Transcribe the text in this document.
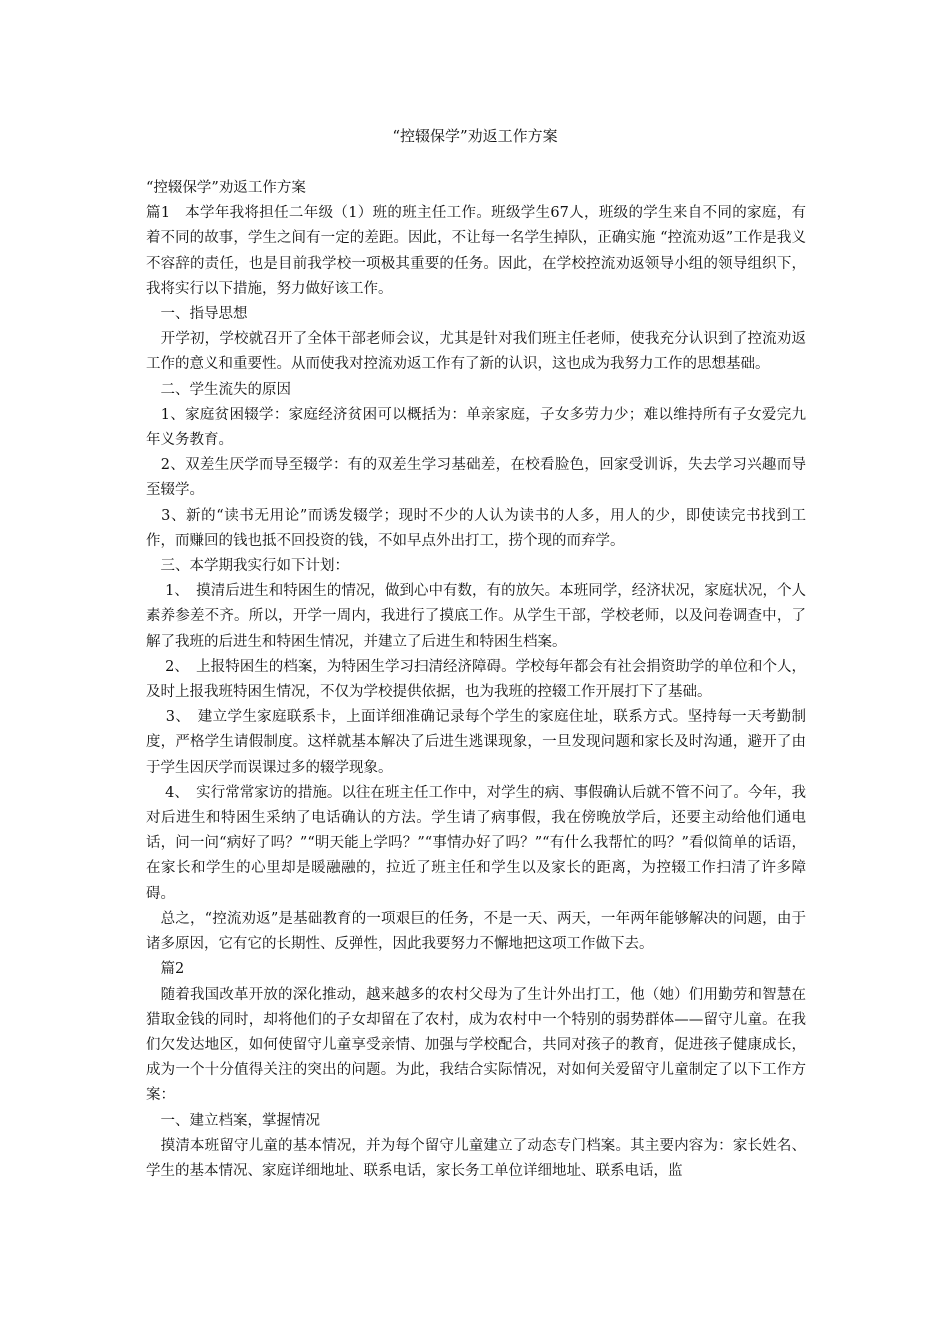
“控辍保学”劝返工作方案

“控辍保学”劝返工作方案

篇1　本学年我将担任二年级（1）班的班主任工作。班级学生67人，班级的学生来自不同的家庭，有着不同的故事，学生之间有一定的差距。因此，不让每一名学生掉队，正确实施 “控流劝返”工作是我义不容辞的责任，也是目前我学校一项极其重要的任务。因此，在学校控流劝返领导小组的领导组织下，我将实行以下措施，努力做好该工作。

　一、指导思想

　开学初，学校就召开了全体干部老师会议，尤其是针对我们班主任老师，使我充分认识到了控流劝返工作的意义和重要性。从而使我对控流劝返工作有了新的认识，这也成为我努力工作的思想基础。

　二、学生流失的原因

　1、家庭贫困辍学：家庭经济贫困可以概括为：单亲家庭，子女多劳力少；难以维持所有子女爱完九年义务教育。

　2、双差生厌学而导至辍学：有的双差生学习基础差，在校看脸色，回家受训诉，失去学习兴趣而导至辍学。

　3、新的“读书无用论”而诱发辍学；现时不少的人认为读书的人多，用人的少，即使读完书找到工作，而赚回的钱也抵不回投资的钱，不如早点外出打工，捞个现的而弃学。

　三、本学期我实行如下计划：

　 1、　摸清后进生和特困生的情况，做到心中有数，有的放矢。本班同学，经济状况，家庭状况，个人素养参差不齐。所以，开学一周内，我进行了摸底工作。从学生干部，学校老师，以及问卷调查中，了解了我班的后进生和特困生情况，并建立了后进生和特困生档案。

　 2、　上报特困生的档案，为特困生学习扫清经济障碍。学校每年都会有社会捐资助学的单位和个人，及时上报我班特困生情况，不仅为学校提供依据，也为我班的控辍工作开展打下了基础。

　 3、　建立学生家庭联系卡，上面详细准确记录每个学生的家庭住址，联系方式。坚持每一天考勤制度，严格学生请假制度。这样就基本解决了后进生逃课现象，一旦发现问题和家长及时沟通，避开了由于学生因厌学而误课过多的辍学现象。

　 4、　实行常常家访的措施。以往在班主任工作中，对学生的病、事假确认后就不管不问了。今年，我对后进生和特困生采纳了电话确认的方法。学生请了病事假，我在傍晚放学后，还要主动给他们通电话，问一问“病好了吗？”“明天能上学吗？”“事情办好了吗？”“有什么我帮忙的吗？”看似简单的话语，在家长和学生的心里却是暖融融的，拉近了班主任和学生以及家长的距离，为控辍工作扫清了许多障碍。

　总之，“控流劝返”是基础教育的一项艰巨的任务，不是一天、两天，一年两年能够解决的问题，由于诸多原因，它有它的长期性、反弹性，因此我要努力不懈地把这项工作做下去。

　篇2

　随着我国改革开放的深化推动，越来越多的农村父母为了生计外出打工，他（她）们用勤劳和智慧在猎取金钱的同时，却将他们的子女却留在了农村，成为农村中一个特别的弱势群体——留守儿童。在我们欠发达地区，如何使留守儿童享受亲情、加强与学校配合，共同对孩子的教育，促进孩子健康成长，成为一个十分值得关注的突出的问题。为此，我结合实际情况，对如何关爱留守儿童制定了以下工作方案：

　一、建立档案，掌握情况

　摸清本班留守儿童的基本情况，并为每个留守儿童建立了动态专门档案。其主要内容为：家长姓名、学生的基本情况、家庭详细地址、联系电话，家长务工单位详细地址、联系电话，监
